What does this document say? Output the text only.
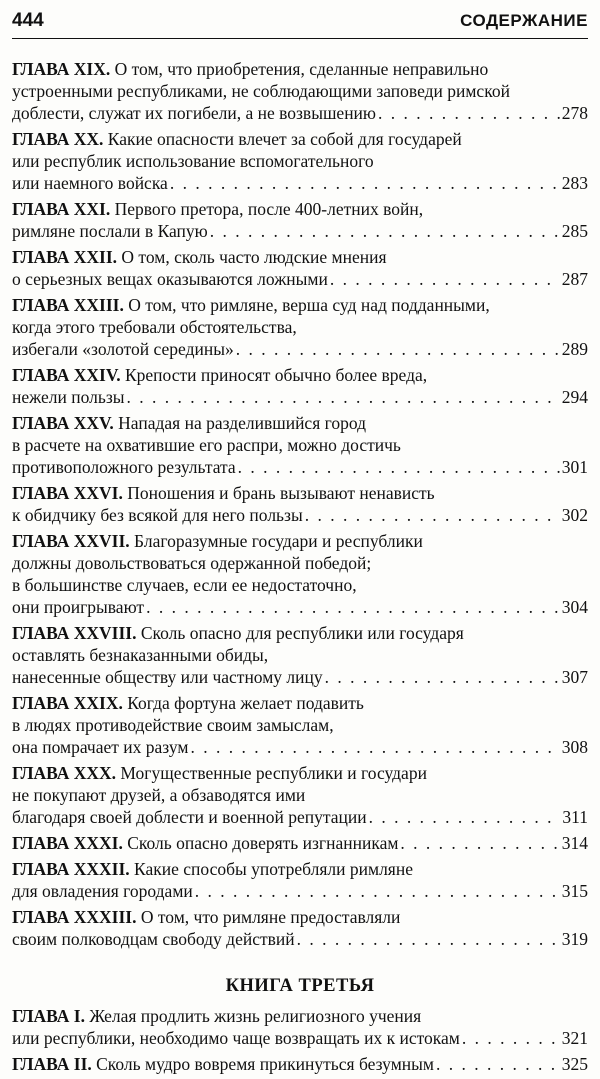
444	СОДЕРЖАНИЕ
ГЛАВА XIX. О том, что приобретения, сделанные неправильно
устроенными республиками, не соблюдающими заповеди римской
доблести, служат их погибели, а не возвышению . . .	278
ГЛАВА XX. Какие опасности влечет за собой для государей
или республик использование вспомогательного
или наемного войска . . .	283
ГЛАВА XXI. Первого претора, после 400-летних войн,
римляне послали в Капую . . .	285
ГЛАВА XXII. О том, сколь часто людские мнения
о серьезных вещах оказываются ложными . . .	287
ГЛАВА XXIII. О том, что римляне, верша суд над подданными,
когда этого требовали обстоятельства,
избегали «золотой середины» . . .	289
ГЛАВА XXIV. Крепости приносят обычно более вреда,
нежели пользы . . .	294
ГЛАВА XXV. Нападая на разделившийся город
в расчете на охватившие его распри, можно достичь
противоположного результата . . .	301
ГЛАВА XXVI. Поношения и брань вызывают ненависть
к обидчику без всякой для него пользы . . .	302
ГЛАВА XXVII. Благоразумные государи и республики
должны довольствоваться одержанной победой;
в большинстве случаев, если ее недостаточно,
они проигрывают . . .	304
ГЛАВА XXVIII. Сколь опасно для республики или государя
оставлять безнаказанными обиды,
нанесенные обществу или частному лицу . . .	307
ГЛАВА XXIX. Когда фортуна желает подавить
в людях противодействие своим замыслам,
она помрачает их разум . . .	308
ГЛАВА XXX. Могущественные республики и государи
не покупают друзей, а обзаводятся ими
благодаря своей доблести и военной репутации . . .	311
ГЛАВА XXXI. Сколь опасно доверять изгнанникам . . .	314
ГЛАВА XXXII. Какие способы употребляли римляне
для овладения городами . . .	315
ГЛАВА XXXIII. О том, что римляне предоставляли
своим полководцам свободу действий . . .	319
КНИГА ТРЕТЬЯ
ГЛАВА I. Желая продлить жизнь религиозного учения
или республики, необходимо чаще возвращать их к истокам . . .	321
ГЛАВА II. Сколь мудро вовремя прикинуться безумным . . .	325
